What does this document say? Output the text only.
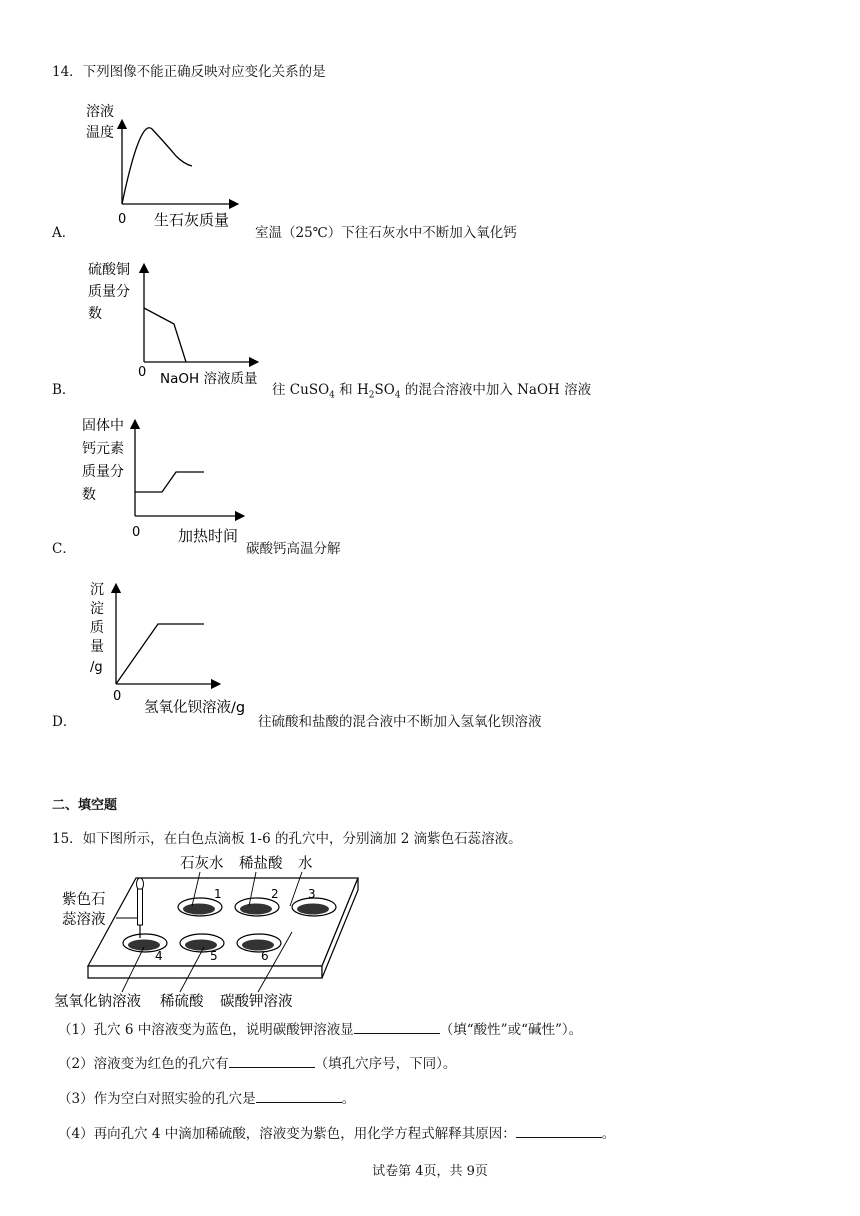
14．下列图像不能正确反映对应变化关系的是
溶液
温度
0 生石灰质量
A．	室温（25℃）下往石灰水中不断加入氧化钙
硫酸铜
质量分
数
0 NaOH 溶液质量
B．	往 CuSO$_4$ 和 $H_2SO_4$ 的混合溶液中加入 NaOH 溶液
固体中
钙元素
质量分
数
0	加热时间
C．	碳酸钙高温分解
沉
淀
质
量
/g
0
氢氧化钡溶液/g
D．	往硫酸和盐酸的混合液中不断加入氢氧化钡溶液
二、填空题
15．如下图所示，在白色点滴板 1-6 的孔穴中，分别滴加 2 滴紫色石蕊溶液。
1	2 3
4	5	6
石灰水 稀盐酸 水
紫色石
蕊溶液
氢氧化钠溶液 稀硫酸 碳酸钾溶液
（1）孔穴 6 中溶液变为蓝色，说明碳酸钾溶液显	（填“酸性”或“碱性”）。
（2）溶液变为红色的孔穴有	（填孔穴序号，下同）。
（3）作为空白对照实验的孔穴是	。
（4）再向孔穴 4 中滴加稀硫酸，溶液变为紫色，用化学方程式解释其原因：	。
试卷第 4页，共 9页
